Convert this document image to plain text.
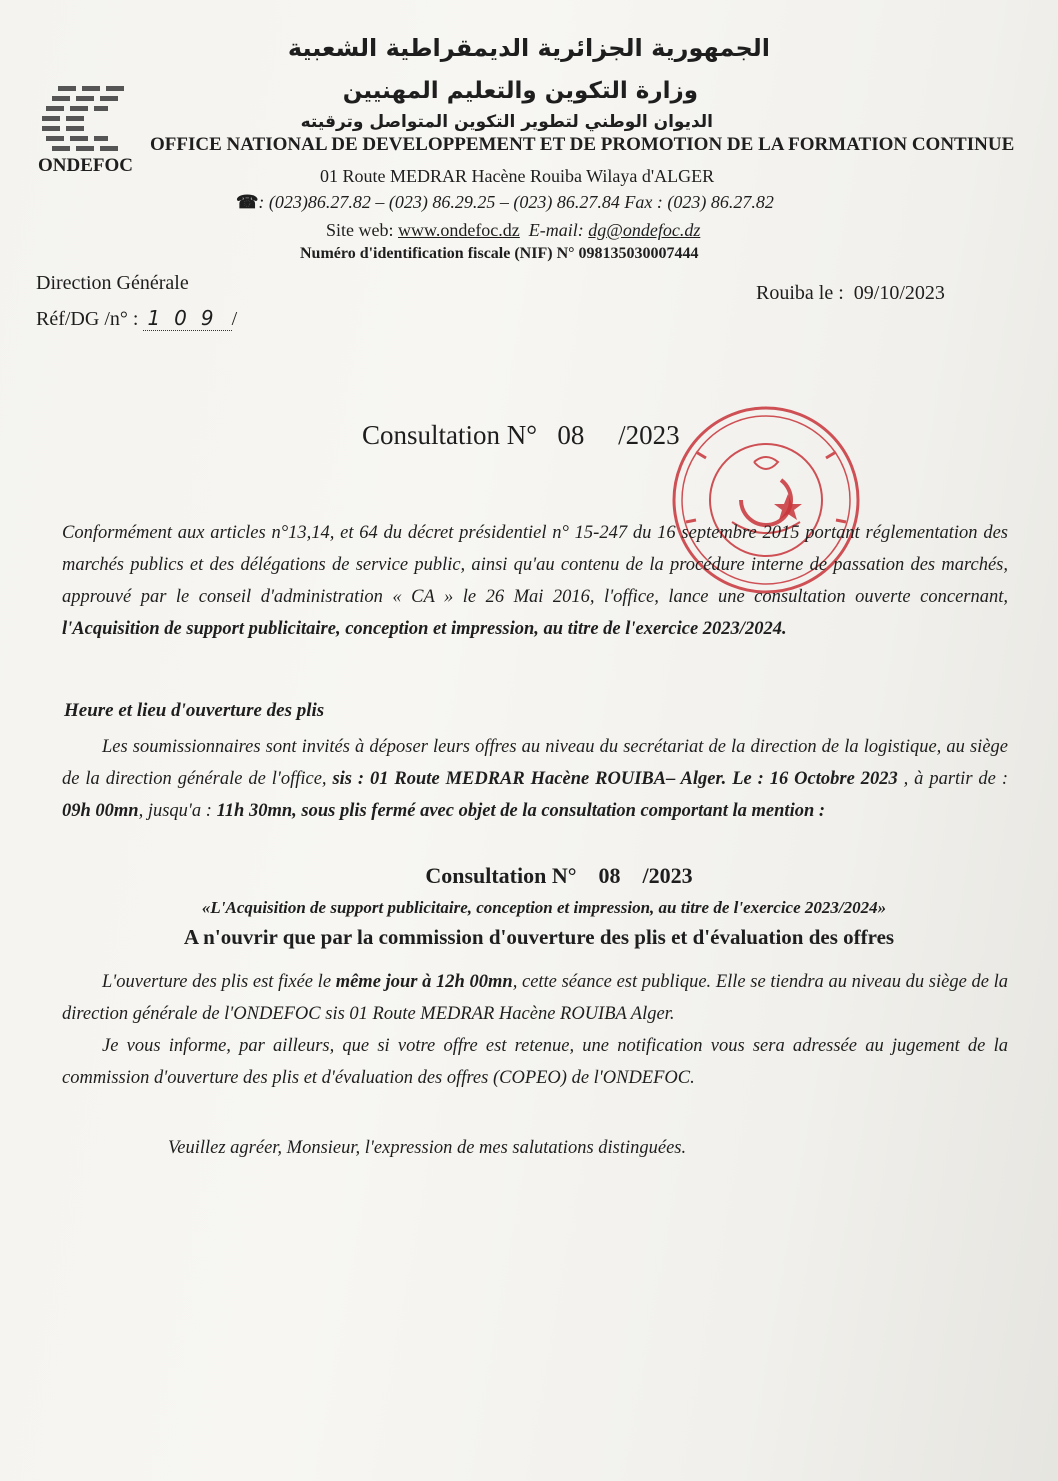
الجمهورية الجزائرية الديمقراطية الشعبية
وزارة التكوين والتعليم المهنيين
الديوان الوطني لتطوير التكوين المتواصل وترقيته
ONDEFOC
OFFICE NATIONAL DE DEVELOPPEMENT ET DE PROMOTION DE LA FORMATION CONTINUE
01 Route MEDRAR Hacène Rouiba Wilaya d'ALGER
☎: (023)86.27.82 – (023) 86.29.25 – (023) 86.27.84 Fax : (023) 86.27.82
Site web: www.ondefoc.dz E-mail: dg@ondefoc.dz
Numéro d'identification fiscale (NIF) N° 098135030007444
Direction Générale
Réf/DG /n° : 109 /
Rouiba le : 09/10/2023
Consultation N° 08 /2023
Conformément aux articles n°13,14, et 64 du décret présidentiel n° 15-247 du 16 septembre 2015 portant réglementation des marchés publics et des délégations de service public, ainsi qu'au contenu de la procédure interne de passation des marchés, approuvé par le conseil d'administration « CA » le 26 Mai 2016, l'office, lance une consultation ouverte concernant, l'Acquisition de support publicitaire, conception et impression, au titre de l'exercice 2023/2024.
Heure et lieu d'ouverture des plis
Les soumissionnaires sont invités à déposer leurs offres au niveau du secrétariat de la direction de la logistique, au siège de la direction générale de l'office, sis : 01 Route MEDRAR Hacène ROUIBA– Alger. Le : 16 Octobre 2023 , à partir de : 09h 00mn, jusqu'a : 11h 30mn, sous plis fermé avec objet de la consultation comportant la mention :
Consultation N° 08 /2023
«L'Acquisition de support publicitaire, conception et impression, au titre de l'exercice 2023/2024»
A n'ouvrir que par la commission d'ouverture des plis et d'évaluation des offres
L'ouverture des plis est fixée le même jour à 12h 00mn, cette séance est publique. Elle se tiendra au niveau du siège de la direction générale de l'ONDEFOC sis 01 Route MEDRAR Hacène ROUIBA Alger.
Je vous informe, par ailleurs, que si votre offre est retenue, une notification vous sera adressée au jugement de la commission d'ouverture des plis et d'évaluation des offres (COPEO) de l'ONDEFOC.
Veuillez agréer, Monsieur, l'expression de mes salutations distinguées.
